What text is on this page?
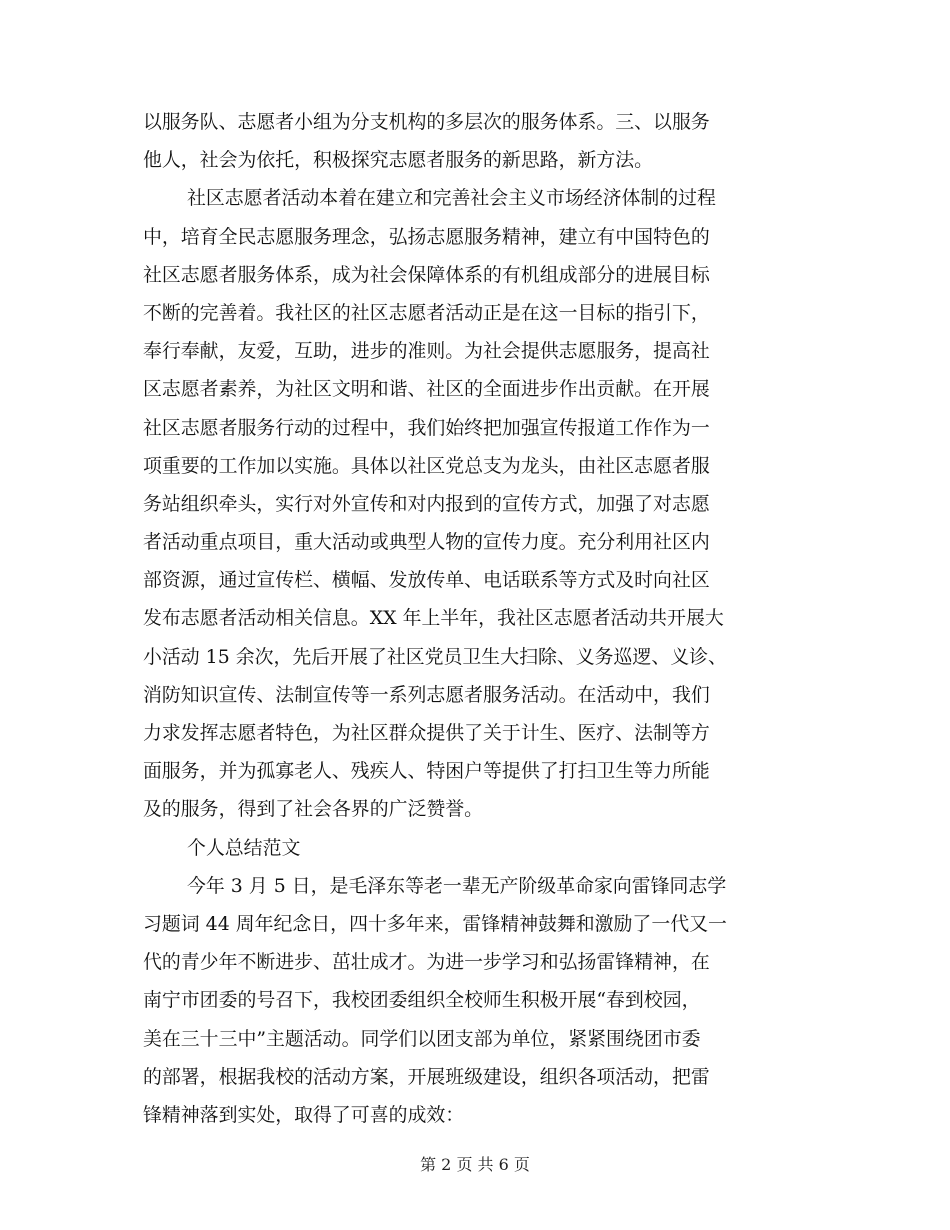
以服务队、志愿者小组为分支机构的多层次的服务体系。三、以服务
他人，社会为依托，积极探究志愿者服务的新思路，新方法。
社区志愿者活动本着在建立和完善社会主义市场经济体制的过程
中，培育全民志愿服务理念，弘扬志愿服务精神，建立有中国特色的
社区志愿者服务体系，成为社会保障体系的有机组成部分的进展目标
不断的完善着。我社区的社区志愿者活动正是在这一目标的指引下，
奉行奉献，友爱，互助，进步的准则。为社会提供志愿服务，提高社
区志愿者素养，为社区文明和谐、社区的全面进步作出贡献。在开展
社区志愿者服务行动的过程中，我们始终把加强宣传报道工作作为一
项重要的工作加以实施。具体以社区党总支为龙头，由社区志愿者服
务站组织牵头，实行对外宣传和对内报到的宣传方式，加强了对志愿
者活动重点项目，重大活动或典型人物的宣传力度。充分利用社区内
部资源，通过宣传栏、横幅、发放传单、电话联系等方式及时向社区
发布志愿者活动相关信息。XX 年上半年，我社区志愿者活动共开展大
小活动 15 余次，先后开展了社区党员卫生大扫除、义务巡逻、义诊、
消防知识宣传、法制宣传等一系列志愿者服务活动。在活动中，我们
力求发挥志愿者特色，为社区群众提供了关于计生、医疗、法制等方
面服务，并为孤寡老人、残疾人、特困户等提供了打扫卫生等力所能
及的服务，得到了社会各界的广泛赞誉。
个人总结范文
今年 3 月 5 日，是毛泽东等老一辈无产阶级革命家向雷锋同志学
习题词 44 周年纪念日，四十多年来，雷锋精神鼓舞和激励了一代又一
代的青少年不断进步、茁壮成才。为进一步学习和弘扬雷锋精神，在
南宁市团委的号召下，我校团委组织全校师生积极开展“春到校园，
美在三十三中”主题活动。同学们以团支部为单位，紧紧围绕团市委
的部署，根据我校的活动方案，开展班级建设，组织各项活动，把雷
锋精神落到实处，取得了可喜的成效：
第 2 页 共 6 页
